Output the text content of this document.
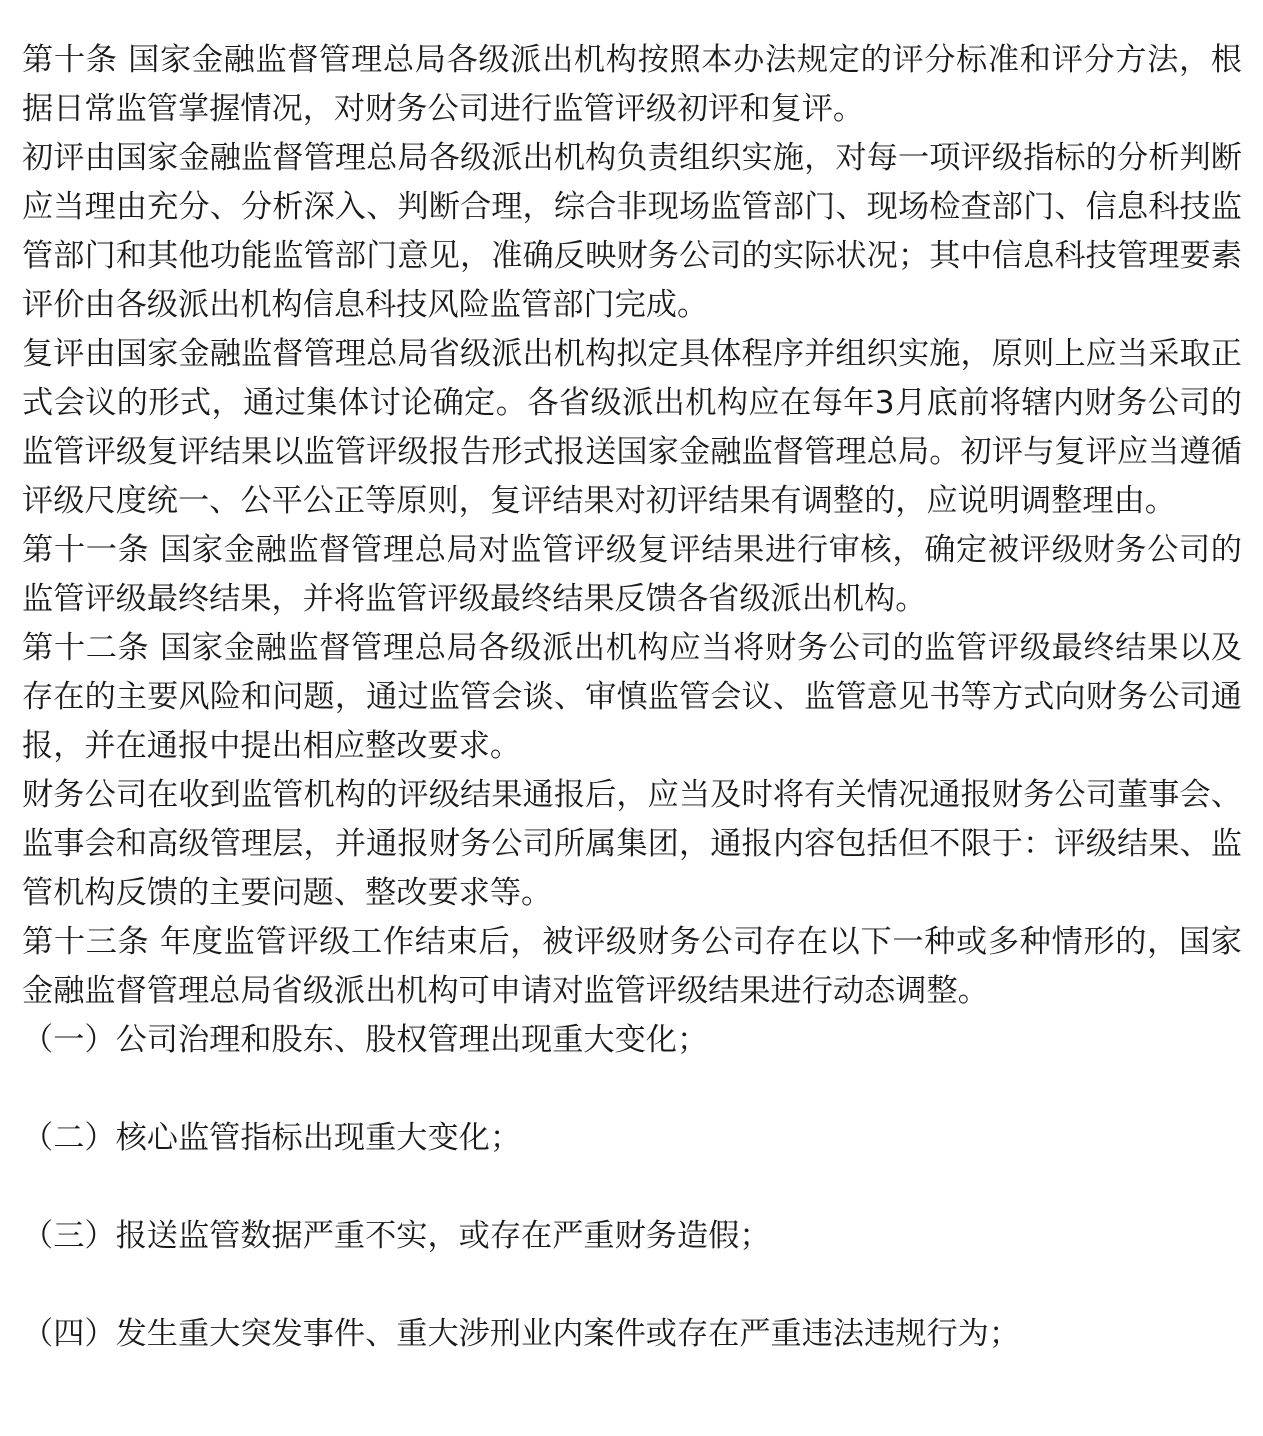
第十条 国家金融监督管理总局各级派出机构按照本办法规定的评分标准和评分方法，根据日常监管掌握情况，对财务公司进行监管评级初评和复评。

初评由国家金融监督管理总局各级派出机构负责组织实施，对每一项评级指标的分析判断应当理由充分、分析深入、判断合理，综合非现场监管部门、现场检查部门、信息科技监管部门和其他功能监管部门意见，准确反映财务公司的实际状况；其中信息科技管理要素评价由各级派出机构信息科技风险监管部门完成。

复评由国家金融监督管理总局省级派出机构拟定具体程序并组织实施，原则上应当采取正式会议的形式，通过集体讨论确定。各省级派出机构应在每年3月底前将辖内财务公司的监管评级复评结果以监管评级报告形式报送国家金融监督管理总局。初评与复评应当遵循评级尺度统一、公平公正等原则，复评结果对初评结果有调整的，应说明调整理由。

第十一条 国家金融监督管理总局对监管评级复评结果进行审核，确定被评级财务公司的监管评级最终结果，并将监管评级最终结果反馈各省级派出机构。

第十二条 国家金融监督管理总局各级派出机构应当将财务公司的监管评级最终结果以及存在的主要风险和问题，通过监管会谈、审慎监管会议、监管意见书等方式向财务公司通报，并在通报中提出相应整改要求。

财务公司在收到监管机构的评级结果通报后，应当及时将有关情况通报财务公司董事会、监事会和高级管理层，并通报财务公司所属集团，通报内容包括但不限于：评级结果、监管机构反馈的主要问题、整改要求等。

第十三条 年度监管评级工作结束后，被评级财务公司存在以下一种或多种情形的，国家金融监督管理总局省级派出机构可申请对监管评级结果进行动态调整。

（一）公司治理和股东、股权管理出现重大变化；

（二）核心监管指标出现重大变化；

（三）报送监管数据严重不实，或存在严重财务造假；

（四）发生重大突发事件、重大涉刑业内案件或存在严重违法违规行为；
